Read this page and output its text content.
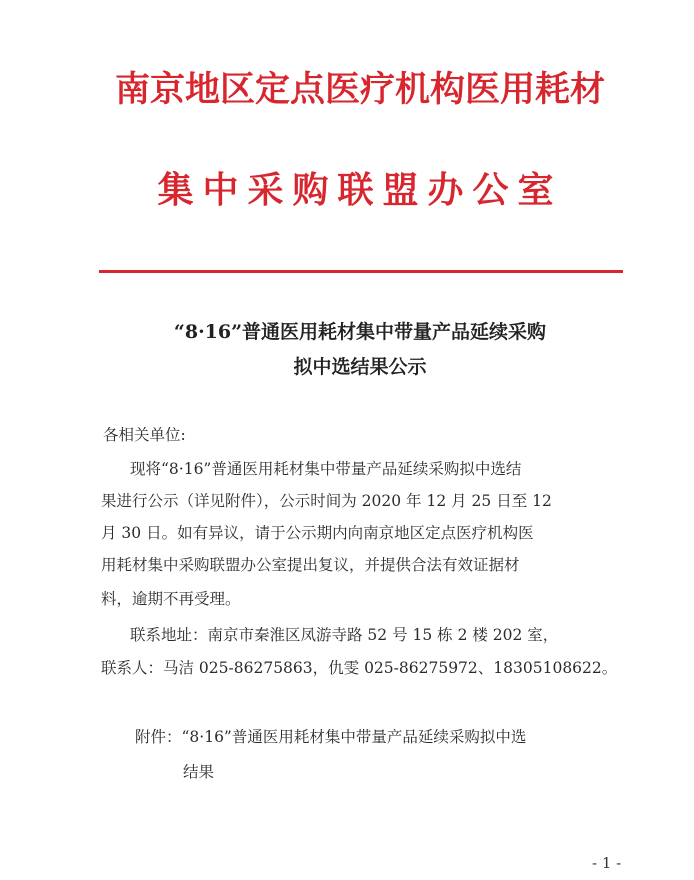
南京地区定点医疗机构医用耗材
集中采购联盟办公室
“8·16”普通医用耗材集中带量产品延续采购
拟中选结果公示
各相关单位:
现将“8·16”普通医用耗材集中带量产品延续采购拟中选结
果进行公示（详见附件），公示时间为 2020 年 12 月 25 日至 12
月 30 日。如有异议，请于公示期内向南京地区定点医疗机构医
用耗材集中采购联盟办公室提出复议，并提供合法有效证据材
料，逾期不再受理。
联系地址：南京市秦淮区凤游寺路 52 号 15 栋 2 楼 202 室，
联系人：马洁 025-86275863，仇雯 025-86275972、18305108622。
附件：“8·16”普通医用耗材集中带量产品延续采购拟中选
结果
- 1 -
